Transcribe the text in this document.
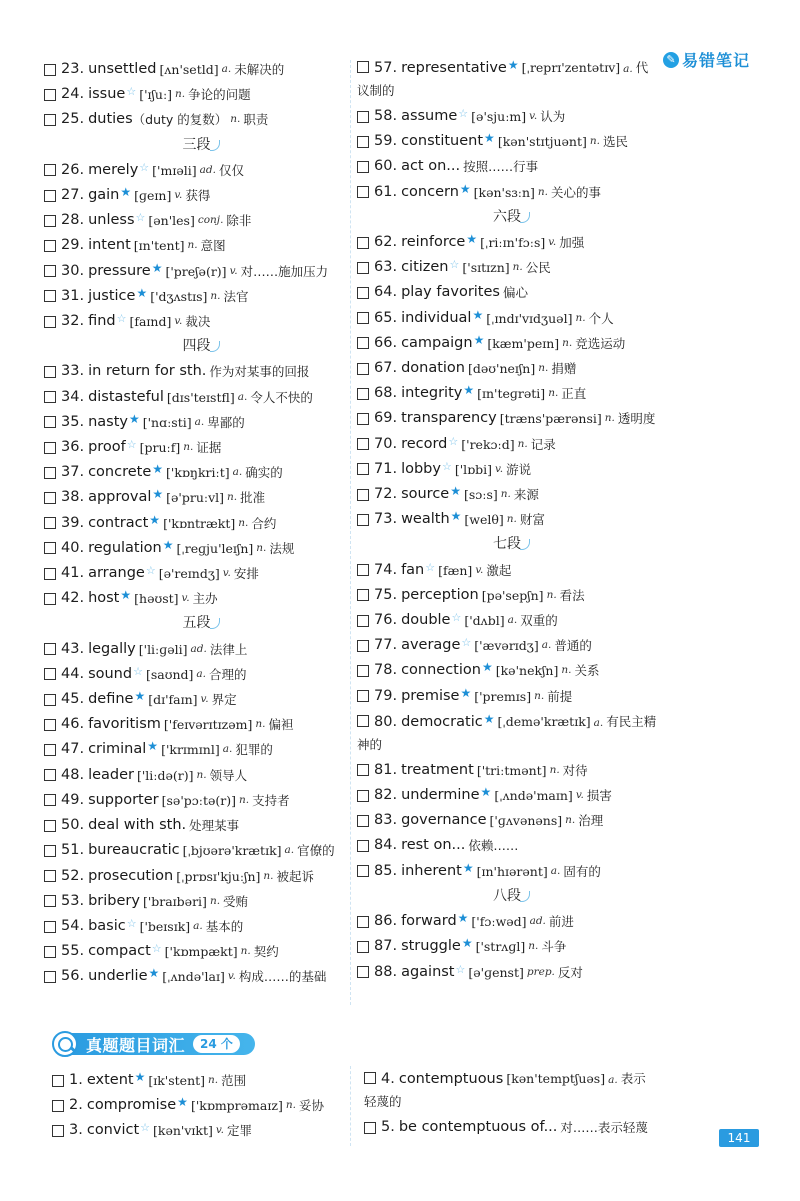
✎ 易错笔记
23. unsettled [ʌn'setld] a. 未解决的
24. issue ☆ ['ɪʃuː] n. 争论的问题
25. duties （duty 的复数） n. 职责
三段
26. merely ☆ ['mɪəli] ad. 仅仅
27. gain ★ [ɡeɪn] v. 获得
28. unless ☆ [ən'les] conj. 除非
29. intent [ɪn'tent] n. 意图
30. pressure ★ ['preʃə(r)] v. 对……施加压力
31. justice ★ ['dʒʌstɪs] n. 法官
32. find ☆ [faɪnd] v. 裁决
四段
33. in return for sth. 作为对某事的回报
34. distasteful [dɪs'teɪstfl] a. 令人不快的
35. nasty ★ ['nɑːsti] a. 卑鄙的
36. proof ☆ [pruːf] n. 证据
37. concrete ★ ['kɒŋkriːt] a. 确实的
38. approval ★ [ə'pruːvl] n. 批准
39. contract ★ ['kɒntrækt] n. 合约
40. regulation ★ [ˌreɡju'leɪʃn] n. 法规
41. arrange ☆ [ə'reɪndʒ] v. 安排
42. host ★ [həʊst] v. 主办
五段
43. legally ['liːɡəli] ad. 法律上
44. sound ☆ [saʊnd] a. 合理的
45. define ★ [dɪ'faɪn] v. 界定
46. favoritism ['feɪvərɪtɪzəm] n. 偏袒
47. criminal ★ ['krɪmɪnl] a. 犯罪的
48. leader ['liːdə(r)] n. 领导人
49. supporter [sə'pɔːtə(r)] n. 支持者
50. deal with sth. 处理某事
51. bureaucratic [ˌbjʊərə'krætɪk] a. 官僚的
52. prosecution [ˌprɒsɪ'kjuːʃn] n. 被起诉
53. bribery ['braɪbəri] n. 受贿
54. basic ☆ ['beɪsɪk] a. 基本的
55. compact ☆ ['kɒmpækt] n. 契约
56. underlie ★ [ˌʌndə'laɪ] v. 构成……的基础
57. representative★ [ˌreprɪ'zentətɪv] a. 代议制的
58. assume ☆ [ə'sjuːm] v. 认为
59. constituent ★ [kən'stɪtjuənt] n. 选民
60. act on... 按照……行事
61. concern ★ [kən'sɜːn] n. 关心的事
六段
62. reinforce ★ [ˌriːɪn'fɔːs] v. 加强
63. citizen ☆ ['sɪtɪzn] n. 公民
64. play favorites 偏心
65. individual ★ [ˌɪndɪ'vɪdʒuəl] n. 个人
66. campaign ★ [kæm'peɪn] n. 竞选运动
67. donation [dəʊ'neɪʃn] n. 捐赠
68. integrity ★ [ɪn'teɡrəti] n. 正直
69. transparency [træns'pærənsi] n. 透明度
70. record ☆ ['rekɔːd] n. 记录
71. lobby ☆ ['lɒbi] v. 游说
72. source ★ [sɔːs] n. 来源
73. wealth ★ [welθ] n. 财富
七段
74. fan ☆ [fæn] v. 激起
75. perception [pə'sepʃn] n. 看法
76. double ☆ ['dʌbl] a. 双重的
77. average ☆ ['ævərɪdʒ] a. 普通的
78. connection ★ [kə'nekʃn] n. 关系
79. premise ★ ['premɪs] n. 前提
80. democratic★ [ˌdemə'krætɪk] a. 有民主精神的
81. treatment ['triːtmənt] n. 对待
82. undermine ★ [ˌʌndə'maɪn] v. 损害
83. governance ['ɡʌvənəns] n. 治理
84. rest on... 依赖……
85. inherent ★ [ɪn'hɪərənt] a. 固有的
八段
86. forward ★ ['fɔːwəd] ad. 前进
87. struggle ★ ['strʌɡl] n. 斗争
88. against ☆ [ə'ɡenst] prep. 反对
真题题目词汇	24 个
1. extent ★ [ɪk'stent] n. 范围
2. compromise ★ ['kɒmprəmaɪz] n. 妥协
3. convict ☆ [kən'vɪkt] v. 定罪
4. contemptuous [kən'temptʃuəs] a. 表示轻蔑的
5. be contemptuous of... 对……表示轻蔑
141
